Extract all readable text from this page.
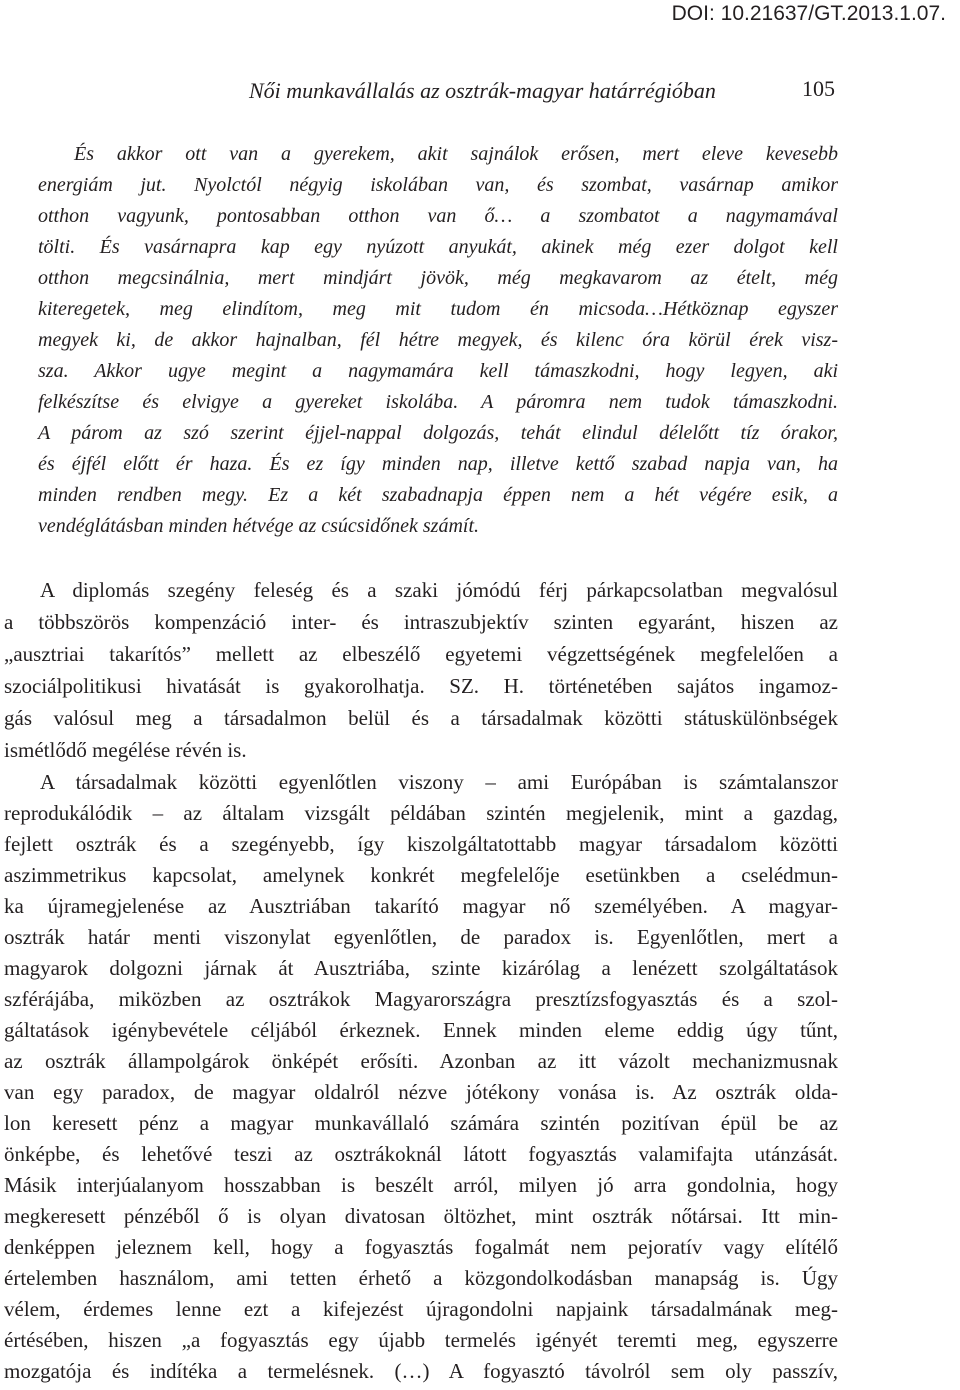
DOI: 10.21637/GT.2013.1.07.
Női munkavállalás az osztrák-magyar határrégióban	105
És akkor ott van a gyerekem, akit sajnálok erősen, mert eleve kevesebb
energiám jut. Nyolctól négyig iskolában van, és szombat, vasárnap amikor
otthon vagyunk, pontosabban otthon van ő… a szombatot a nagymamával
tölti. És vasárnapra kap egy nyúzott anyukát, akinek még ezer dolgot kell
otthon megcsinálnia, mert mindjárt jövök, még megkavarom az ételt, még
kiteregetek, meg elindítom, meg mit tudom én micsoda…Hétköznap egyszer
megyek ki, de akkor hajnalban, fél hétre megyek, és kilenc óra körül érek visz-
sza. Akkor ugye megint a nagymamára kell támaszkodni, hogy legyen, aki
felkészítse és elvigye a gyereket iskolába. A páromra nem tudok támaszkodni.
A párom az szó szerint éjjel-nappal dolgozás, tehát elindul délelőtt tíz órakor,
és éjfél előtt ér haza. És ez így minden nap, illetve kettő szabad napja van, ha
minden rendben megy. Ez a két szabadnapja éppen nem a hét végére esik, a
vendéglátásban minden hétvége az csúcsidőnek számít.
A diplomás szegény feleség és a szaki jómódú férj párkapcsolatban megvalósul
a többszörös kompenzáció inter- és intraszubjektív szinten egyaránt, hiszen az
„ausztriai takarítós” mellett az elbeszélő egyetemi végzettségének megfelelően a
szociálpolitikusi hivatását is gyakorolhatja. SZ. H. történetében sajátos ingamoz-
gás valósul meg a társadalmon belül és a társadalmak közötti státuskülönbségek
ismétlődő megélése révén is.
A társadalmak közötti egyenlőtlen viszony – ami Európában is számtalanszor
reprodukálódik – az általam vizsgált példában szintén megjelenik, mint a gazdag,
fejlett osztrák és a szegényebb, így kiszolgáltatottabb magyar társadalom közötti
aszimmetrikus kapcsolat, amelynek konkrét megfelelője esetünkben a cselédmun-
ka újramegjelenése az Ausztriában takarító magyar nő személyében. A magyar-
osztrák határ menti viszonylat egyenlőtlen, de paradox is. Egyenlőtlen, mert a
magyarok dolgozni járnak át Ausztriába, szinte kizárólag a lenézett szolgáltatások
szférájába, miközben az osztrákok Magyarországra presztízsfogyasztás és a szol-
gáltatások igénybevétele céljából érkeznek. Ennek minden eleme eddig úgy tűnt,
az osztrák állampolgárok önképét erősíti. Azonban az itt vázolt mechanizmusnak
van egy paradox, de magyar oldalról nézve jótékony vonása is. Az osztrák olda-
lon keresett pénz a magyar munkavállaló számára szintén pozitívan épül be az
önképbe, és lehetővé teszi az osztrákoknál látott fogyasztás valamifajta utánzását.
Másik interjúalanyom hosszabban is beszélt arról, milyen jó arra gondolnia, hogy
megkeresett pénzéből ő is olyan divatosan öltözhet, mint osztrák nőtársai. Itt min-
denképpen jeleznem kell, hogy a fogyasztás fogalmát nem pejoratív vagy elítélő
értelemben használom, ami tetten érhető a közgondolkodásban manapság is. Úgy
vélem, érdemes lenne ezt a kifejezést újragondolni napjaink társadalmának meg-
értésében, hiszen „a fogyasztás egy újabb termelés igényét teremti meg, egyszerre
mozgatója és indítéka a termelésnek. (…) A fogyasztó távolról sem oly passzív,
